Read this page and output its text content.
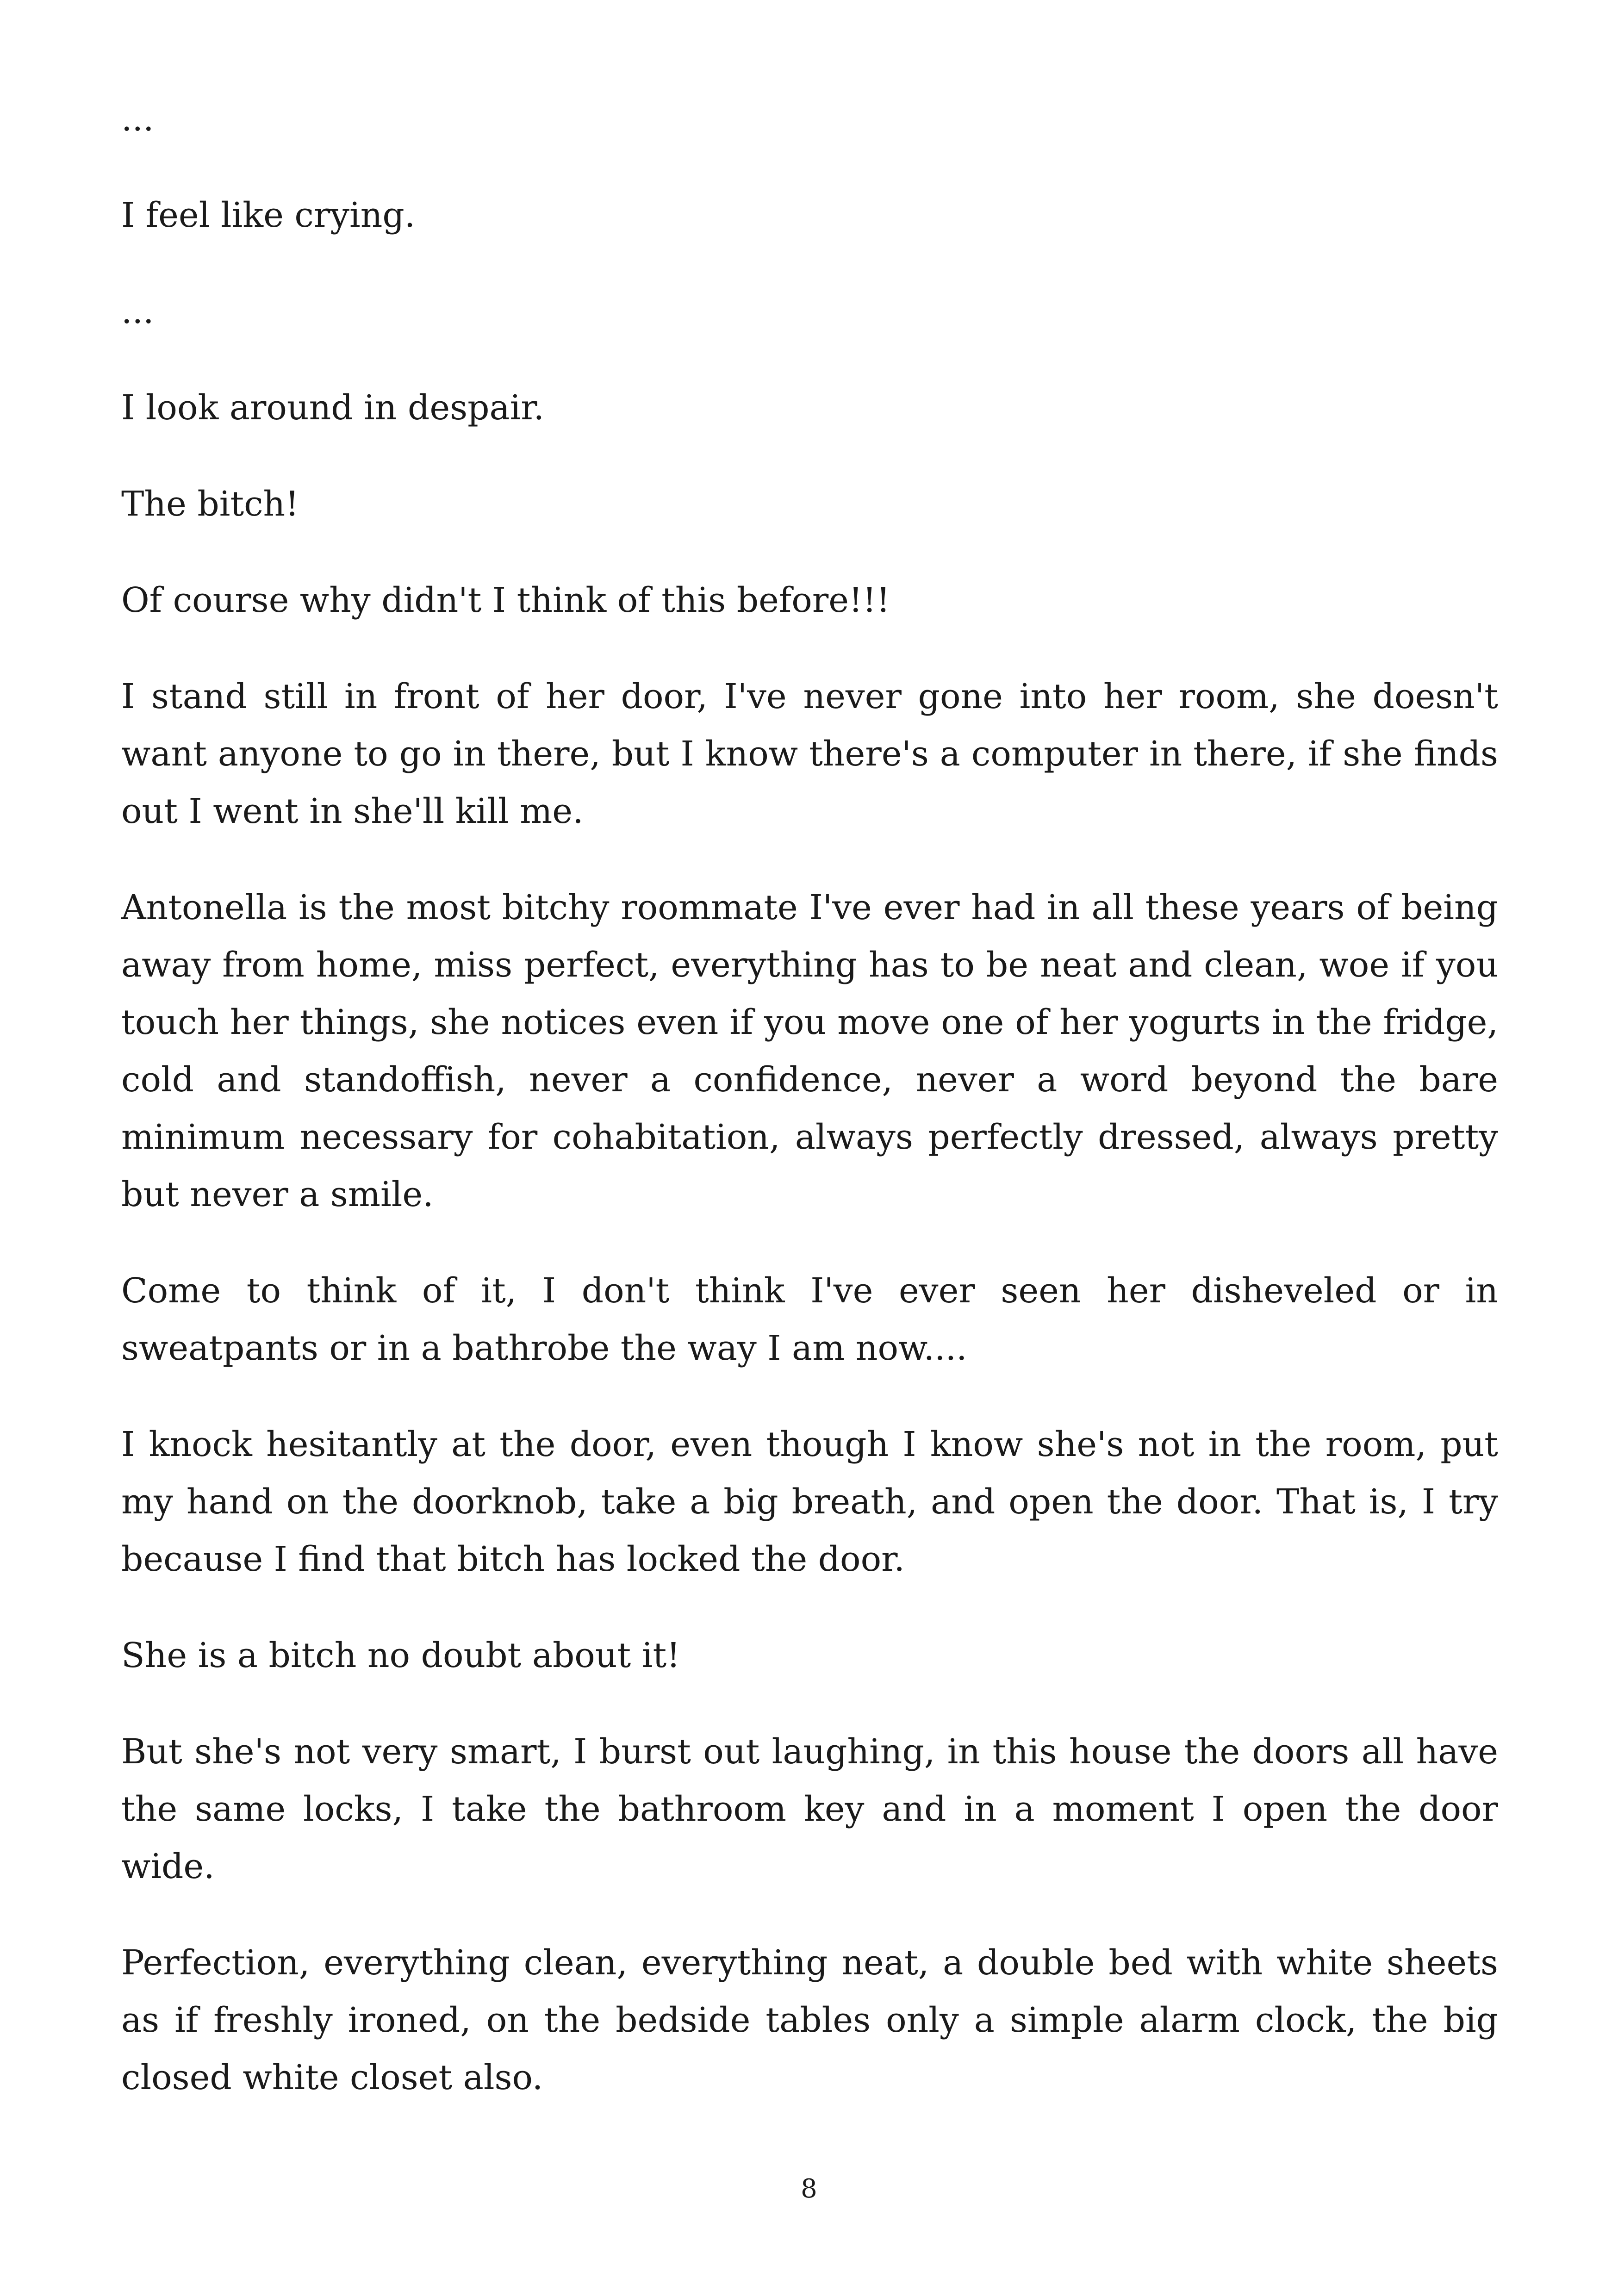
...

I feel like crying.

...

I look around in despair.

The bitch!

Of course why didn't I think of this before!!!

I stand still in front of her door, I've never gone into her room, she doesn't want anyone to go in there, but I know there's a computer in there, if she finds out I went in she'll kill me.

Antonella is the most bitchy roommate I've ever had in all these years of being away from home, miss perfect, everything has to be neat and clean, woe if you touch her things, she notices even if you move one of her yogurts in the fridge, cold and standoffish, never a confidence, never a word beyond the bare minimum necessary for cohabitation, always perfectly dressed, always pretty but never a smile.

Come to think of it, I don't think I've ever seen her disheveled or in sweatpants or in a bathrobe the way I am now....

I knock hesitantly at the door, even though I know she's not in the room, put my hand on the doorknob, take a big breath, and open the door. That is, I try because I find that bitch has locked the door.

She is a bitch no doubt about it!

But she's not very smart, I burst out laughing, in this house the doors all have the same locks, I take the bathroom key and in a moment I open the door wide.

Perfection, everything clean, everything neat, a double bed with white sheets as if freshly ironed, on the bedside tables only a simple alarm clock, the big closed white closet also.

8
